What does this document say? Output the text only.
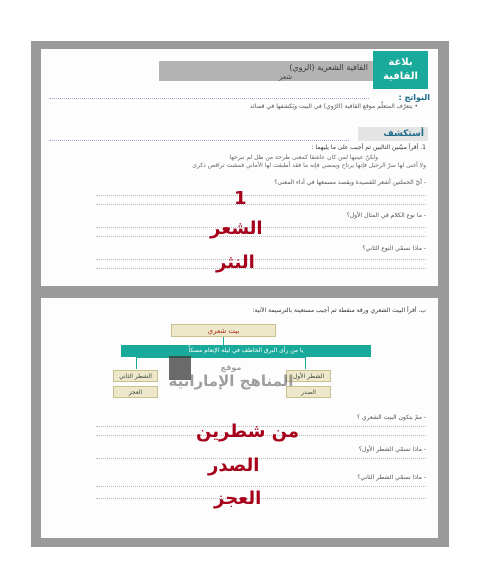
القافية الشعرية (الروي)
شعر
بلاغة
القافية
النواتج :
• يتعرّف المتعلّم موقع القافية (الرّوي) في البيت ويَكشفها في قصائد
أستكشف
1. أقرأ مبيّنين التاليين ثم أجيب على ما يليهما :
ولكنّ عينيها لمن كان عاشقا كمعنى طرحة من ظل لم تبرحها
ولا أغنى لها سرّ الرحيل فإنها يرتاح ويمضي فإنه ما فقد أطبقت لها الأماني فمشت تراقص ذكرى
- أيّ الجملتين أشعر للقصيدة ويقصد مسمعها في أداء المعنى؟
- ما نوع الكلام في المثال الأول؟
- ماذا نسمّي النوع الثاني؟
ب. أقرأ البيت الشعري ورقة منقطة ثم أجيب مستعينة بالترسيمة الآتية:
بيت شعري
يا من رأى البرق الخاطف في ليلة الإنعام مسكاً
الشطر الأول
الشطر الثاني
الصدر
العجز
موقع
المناهج الإماراتية
- ممّ يتكون البيت الشعري ؟
- ماذا نسمّي الشطر الأول؟
- ماذا نسمّي الشطر الثاني؟
1
الشعر
النثر
من شطرين
الصدر
العجز
